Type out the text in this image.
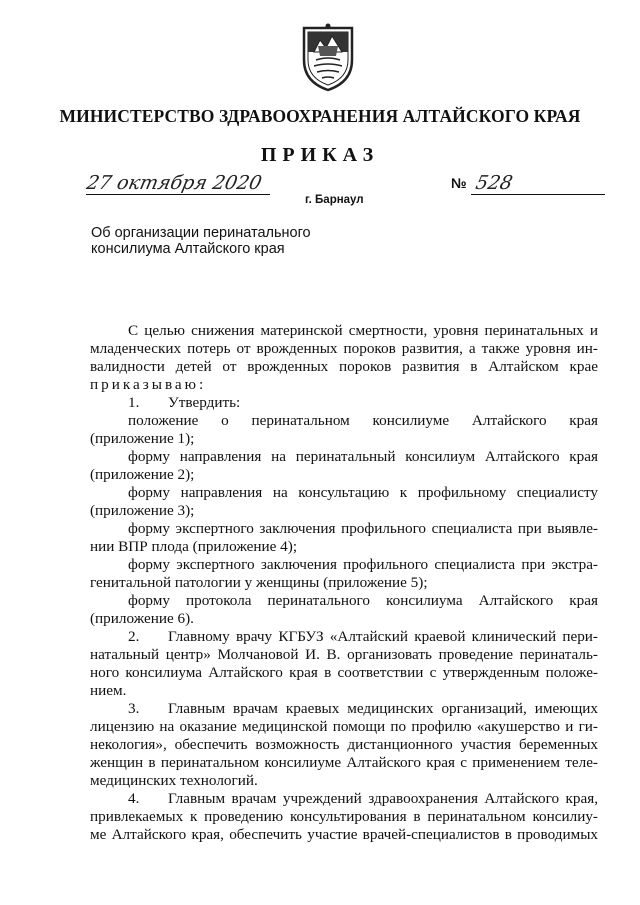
МИНИСТЕРСТВО ЗДРАВООХРАНЕНИЯ АЛТАЙСКОГО КРАЯ
ПРИКАЗ
27 октября 2020	№ 528
г. Барнаул
Об организации перинатального
консилиума Алтайского края
С целью снижения материнской смертности, уровня перинатальных и
младенческих потерь от врожденных пороков развития, а также уровня ин-
валидности детей от врожденных пороков развития в Алтайском крае
приказываю:
1. Утвердить:
положение о перинатальном консилиуме Алтайского края
(приложение 1);
форму направления на перинатальный консилиум Алтайского края
(приложение 2);
форму направления на консультацию к профильному специалисту
(приложение 3);
форму экспертного заключения профильного специалиста при выявле-
нии ВПР плода (приложение 4);
форму экспертного заключения профильного специалиста при экстра-
генитальной патологии у женщины (приложение 5);
форму протокола перинатального консилиума Алтайского края
(приложение 6).
2.	Главному врачу КГБУЗ «Алтайский краевой клинический пери-
натальный центр» Молчановой И. В. организовать проведение перинаталь-
ного консилиума Алтайского края в соответствии с утвержденным положе-
нием.
3.	Главным врачам краевых медицинских организаций, имеющих
лицензию на оказание медицинской помощи по профилю «акушерство и ги-
некология», обеспечить возможность дистанционного участия беременных
женщин в перинатальном консилиуме Алтайского края с применением теле-
медицинских технологий.
4.	Главным врачам учреждений здравоохранения Алтайского края,
привлекаемых к проведению консультирования в перинатальном консилиу-
ме Алтайского края, обеспечить участие врачей-специалистов в проводимых
